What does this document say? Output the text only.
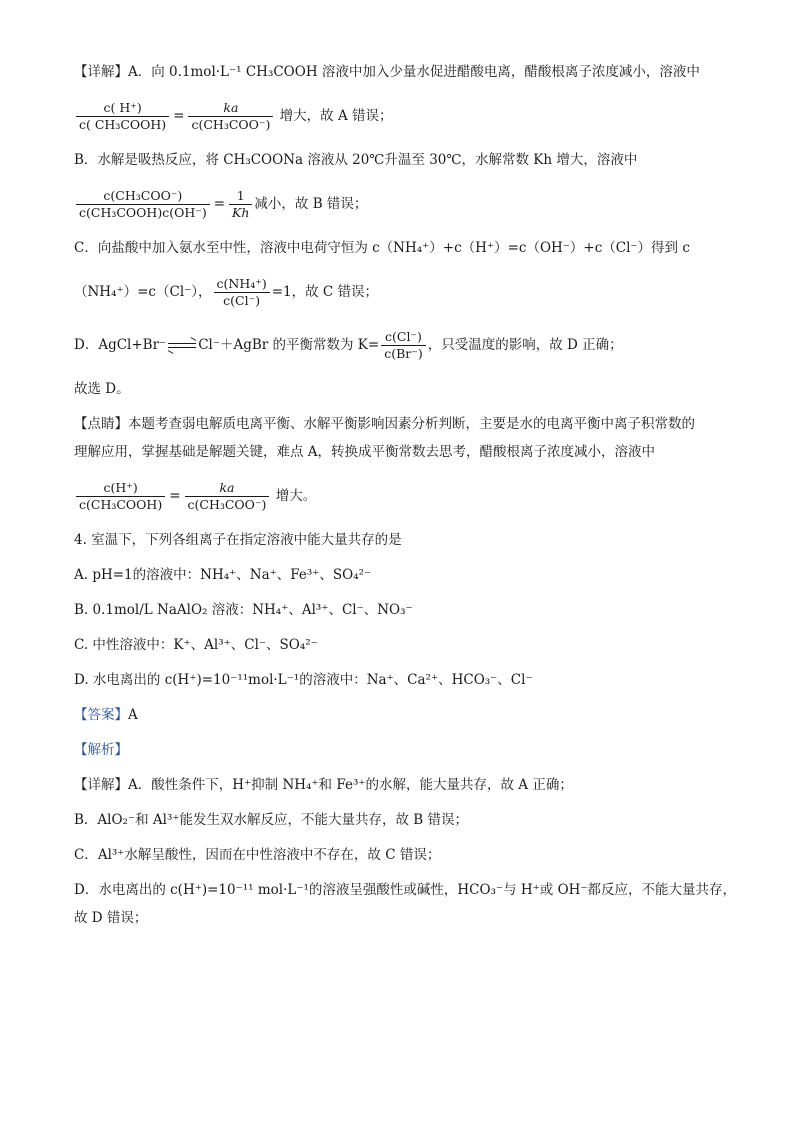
【详解】A．向 0.1mol·L⁻¹ CH₃COOH 溶液中加入少量水促进醋酸电离，醋酸根离子浓度减小，溶液中
$\frac{c( H^+)}{\text{c( CH₃COOH)}} = \frac{ka}{\text{c(CH₃COO⁻)}}$ 增大，故 A 错误；
B．水解是吸热反应，将 CH₃COONa 溶液从 20℃升温至 30℃，水解常数 Kh 增大，溶液中
$\frac{\text{c(CH₃COO⁻)}}{\text{c(CH₃COOH)c(OH⁻)}} = \frac{1}{Kh}$ 减小，故 B 错误；
C．向盐酸中加入氨水至中性，溶液中电荷守恒为 c（NH₄⁺）+c（H⁺）=c（OH⁻）+c（Cl⁻）得到 c
（NH₄⁺）=c（Cl⁻）， $\frac{\text{c(NH₄⁺)}}{c(Cl^-)} =1$，故 C 错误；
D．AgCl+Br⁻ Cl⁻＋AgBr 的平衡常数为 $K= \frac{c(Cl^-)}{c(Br^-)}$ ，只受温度的影响，故 D 正确；
故选 D。
【点睛】本题考查弱电解质电离平衡、水解平衡影响因素分析判断，主要是水的电离平衡中离子积常数的
理解应用，掌握基础是解题关键，难点 A，转换成平衡常数去思考，醋酸根离子浓度减小，溶液中
$\frac{c(H^+)}{\text{c(CH₃COOH)}} = \frac{ka}{\text{c(CH₃COO⁻)}}$ 增大。
4. 室温下，下列各组离子在指定溶液中能大量共存的是
A. pH=1的溶液中：NH₄⁺、Na⁺、Fe³⁺、SO₄²⁻
B. 0.1mol/L NaAlO₂ 溶液：NH₄⁺、Al³⁺、Cl⁻、NO₃⁻
C. 中性溶液中：K⁺、Al³⁺、Cl⁻、SO₄²⁻
D. 水电离出的 c(H⁺)=10⁻¹¹mol·L⁻¹的溶液中：Na⁺、Ca²⁺、HCO₃⁻、Cl⁻
【答案】A
【解析】
【详解】A．酸性条件下，H⁺抑制 NH₄⁺和 Fe³⁺的水解，能大量共存，故 A 正确；
B．AlO₂⁻和 Al³⁺能发生双水解反应，不能大量共存，故 B 错误；
C．Al³⁺水解呈酸性，因而在中性溶液中不存在，故 C 错误；
D．水电离出的 c(H⁺)=10⁻¹¹ mol·L⁻¹的溶液呈强酸性或碱性，HCO₃⁻与 H⁺或 OH⁻都反应，不能大量共存，
故 D 错误；
